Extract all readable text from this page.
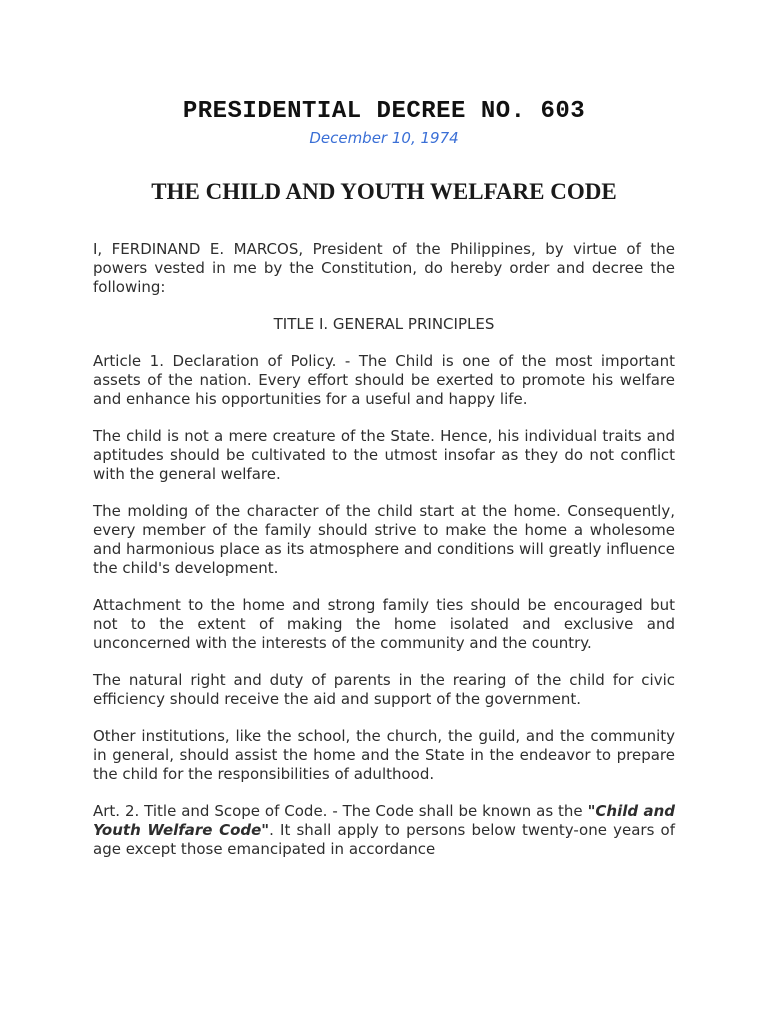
PRESIDENTIAL DECREE NO. 603
December 10, 1974
THE CHILD AND YOUTH WELFARE CODE

I, FERDINAND E. MARCOS, President of the Philippines, by virtue of the powers vested in me by the Constitution, do hereby order and decree the following:

TITLE I. GENERAL PRINCIPLES

Article 1. Declaration of Policy. - The Child is one of the most important assets of the nation. Every effort should be exerted to promote his welfare and enhance his opportunities for a useful and happy life.

The child is not a mere creature of the State. Hence, his individual traits and aptitudes should be cultivated to the utmost insofar as they do not conflict with the general welfare.

The molding of the character of the child start at the home. Consequently, every member of the family should strive to make the home a wholesome and harmonious place as its atmosphere and conditions will greatly influence the child's development.

Attachment to the home and strong family ties should be encouraged but not to the extent of making the home isolated and exclusive and unconcerned with the interests of the community and the country.

The natural right and duty of parents in the rearing of the child for civic efficiency should receive the aid and support of the government.

Other institutions, like the school, the church, the guild, and the community in general, should assist the home and the State in the endeavor to prepare the child for the responsibilities of adulthood.

Art. 2. Title and Scope of Code. - The Code shall be known as the "Child and Youth Welfare Code". It shall apply to persons below twenty-one years of age except those emancipated in accordance
